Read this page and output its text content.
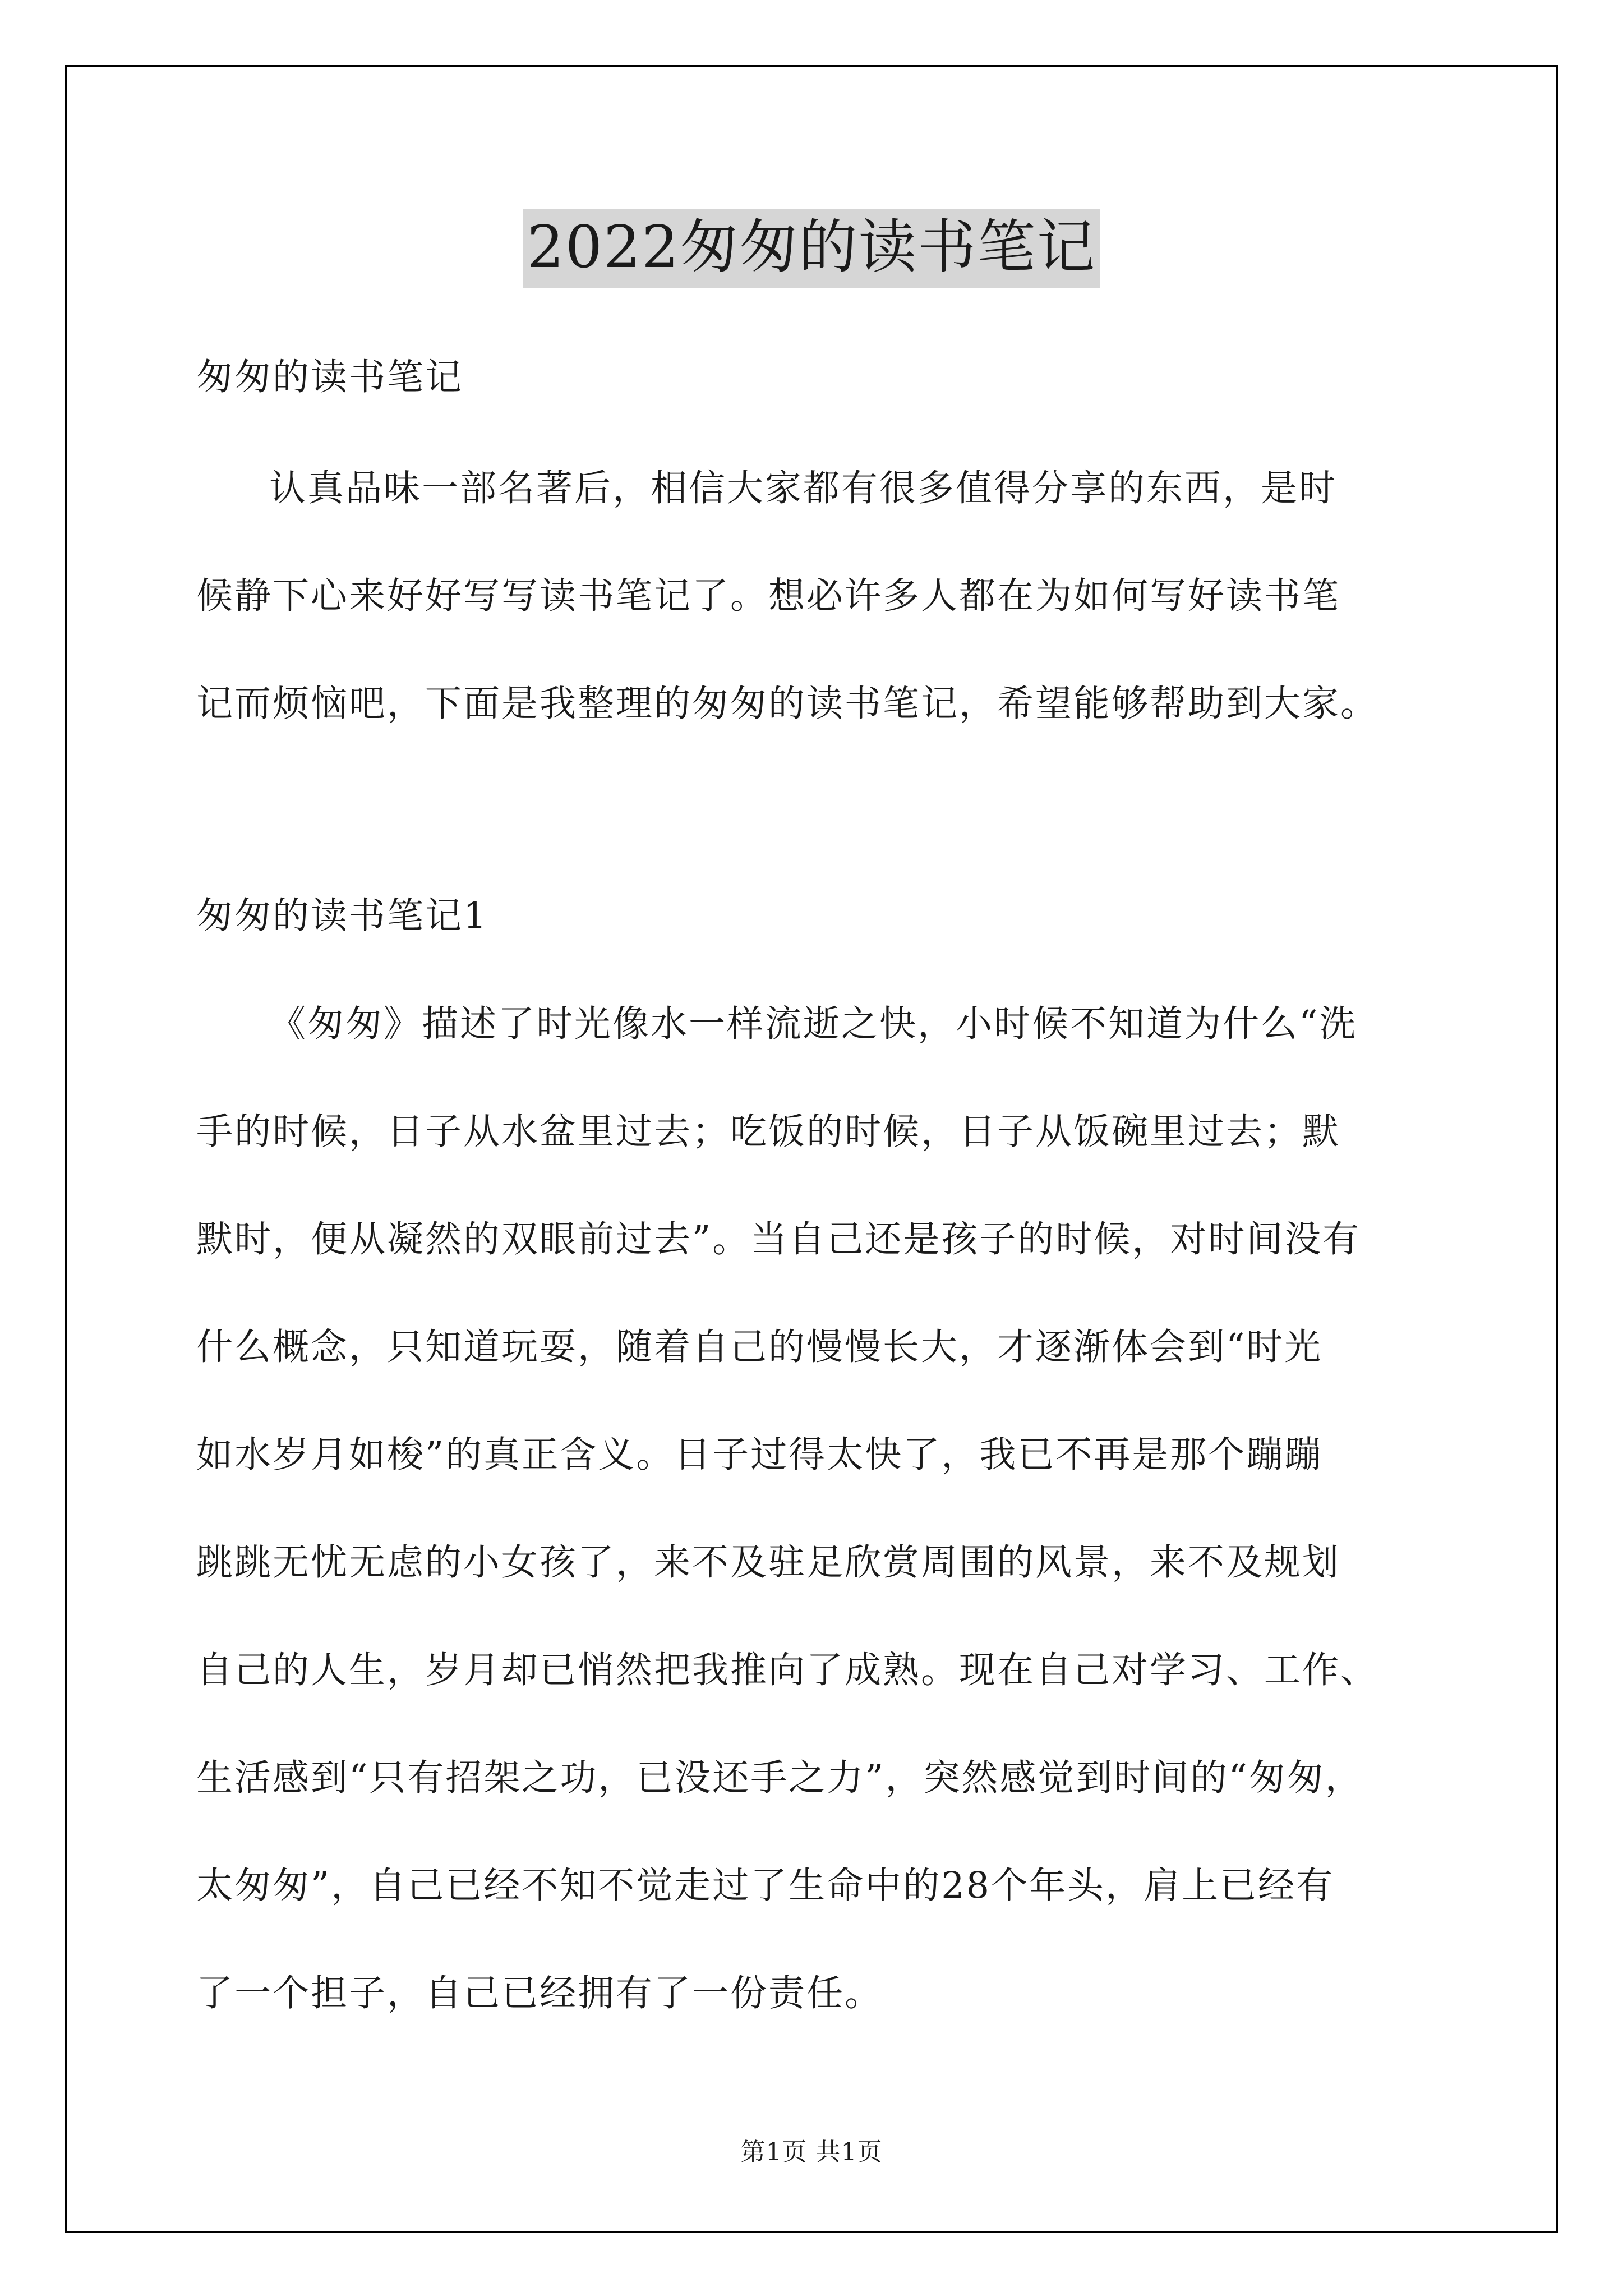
2022匆匆的读书笔记
匆匆的读书笔记
认真品味一部名著后，相信大家都有很多值得分享的东西，是时
候静下心来好好写写读书笔记了。想必许多人都在为如何写好读书笔
记而烦恼吧，下面是我整理的匆匆的读书笔记，希望能够帮助到大家。
匆匆的读书笔记1
《匆匆》描述了时光像水一样流逝之快，小时候不知道为什么“洗
手的时候，日子从水盆里过去；吃饭的时候，日子从饭碗里过去；默
默时，便从凝然的双眼前过去”。当自己还是孩子的时候，对时间没有
什么概念，只知道玩耍，随着自己的慢慢长大，才逐渐体会到“时光
如水岁月如梭”的真正含义。日子过得太快了，我已不再是那个蹦蹦
跳跳无忧无虑的小女孩了，来不及驻足欣赏周围的风景，来不及规划
自己的人生，岁月却已悄然把我推向了成熟。现在自己对学习、工作、
生活感到“只有招架之功，已没还手之力”，突然感觉到时间的“匆匆，
太匆匆”，自己已经不知不觉走过了生命中的28个年头，肩上已经有
了一个担子，自己已经拥有了一份责任。
第1页 共1页
